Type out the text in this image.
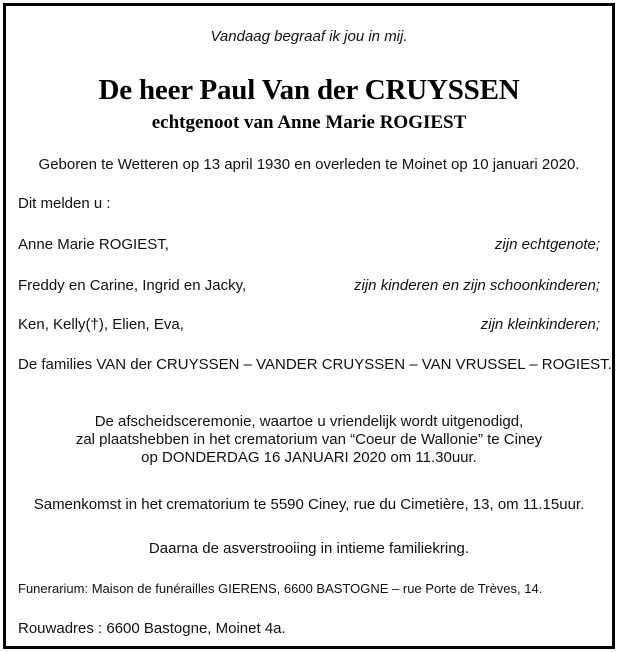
Vandaag begraaf ik jou in mij.
De heer Paul Van der CRUYSSEN
echtgenoot van Anne Marie ROGIEST
Geboren te Wetteren op 13 april 1930 en overleden te Moinet op 10 januari 2020.
Dit melden u :
Anne Marie ROGIEST,	zijn echtgenote;
Freddy en Carine, Ingrid en Jacky,	zijn kinderen en zijn schoonkinderen;
Ken, Kelly(†), Elien, Eva,	zijn kleinkinderen;
De families VAN der CRUYSSEN – VANDER CRUYSSEN – VAN VRUSSEL – ROGIEST.
De afscheidsceremonie, waartoe u vriendelijk wordt uitgenodigd,
zal plaatshebben in het crematorium van “Coeur de Wallonie” te Ciney
op DONDERDAG 16 JANUARI 2020 om 11.30uur.
Samenkomst in het crematorium te 5590 Ciney, rue du Cimetière, 13, om 11.15uur.
Daarna de asverstrooiing in intieme familiekring.
Funerarium: Maison de funérailles GIERENS, 6600 BASTOGNE – rue Porte de Trèves, 14.
Rouwadres : 6600 Bastogne, Moinet 4a.
